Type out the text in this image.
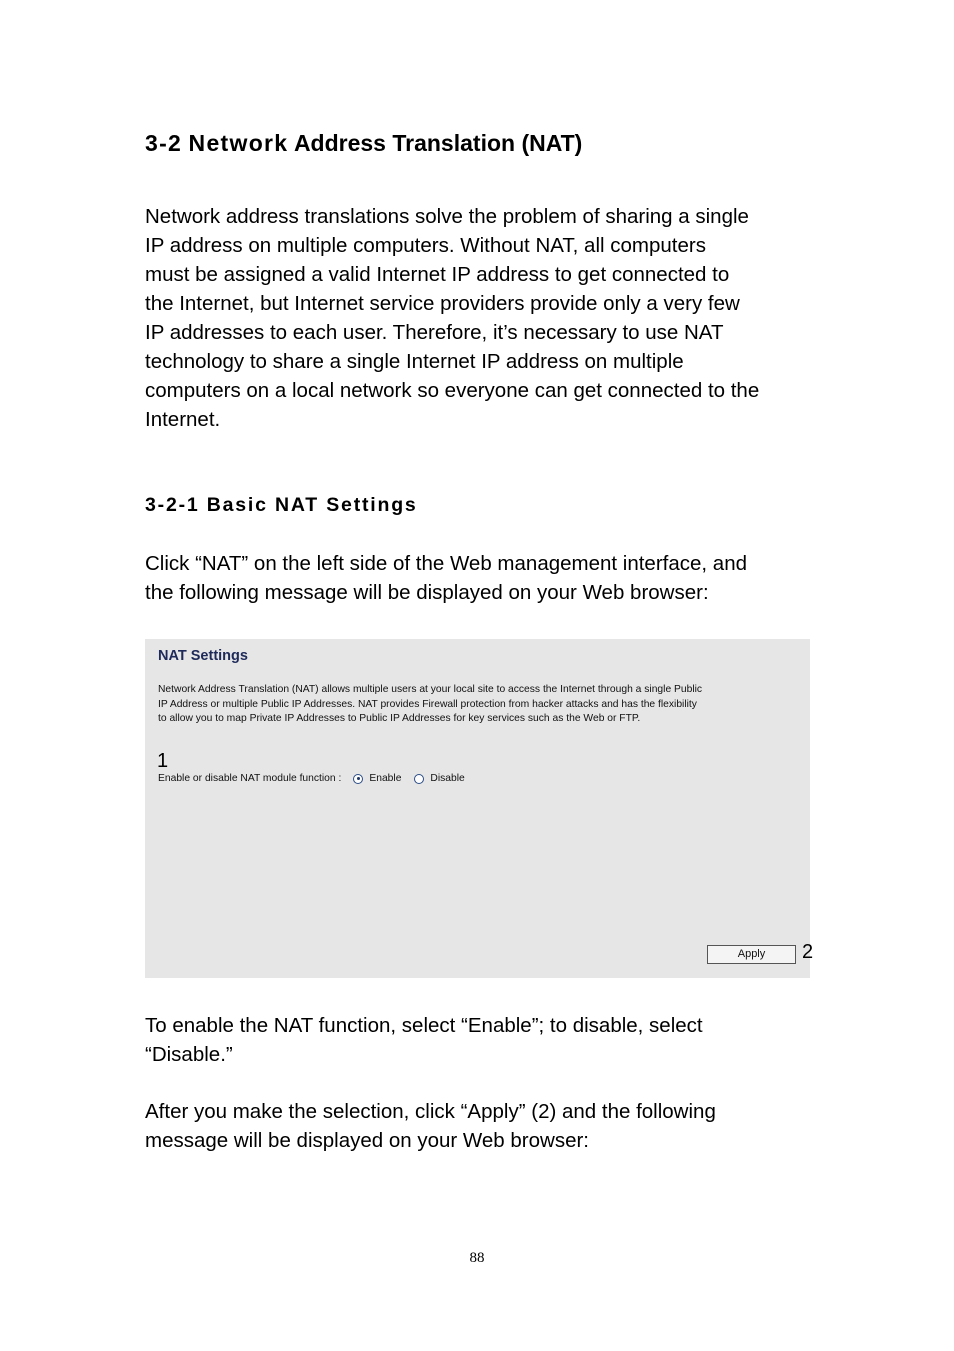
3-2 Network Address Translation (NAT)
Network address translations solve the problem of sharing a single
IP address on multiple computers. Without NAT, all computers
must be assigned a valid Internet IP address to get connected to
the Internet, but Internet service providers provide only a very few
IP addresses to each user. Therefore, it’s necessary to use NAT
technology to share a single Internet IP address on multiple
computers on a local network so everyone can get connected to the
Internet.
3-2-1 Basic NAT Settings
Click “NAT” on the left side of the Web management interface, and
the following message will be displayed on your Web browser:
NAT Settings
Network Address Translation (NAT) allows multiple users at your local site to access the Internet through a single Public
IP Address or multiple Public IP Addresses. NAT provides Firewall protection from hacker attacks and has the flexibility
to allow you to map Private IP Addresses to Public IP Addresses for key services such as the Web or FTP.
1
Enable or disable NAT module function :	Enable	Disable
Apply	2
To enable the NAT function, select “Enable”; to disable, select
“Disable.”
After you make the selection, click “Apply” (2) and the following
message will be displayed on your Web browser:
88
